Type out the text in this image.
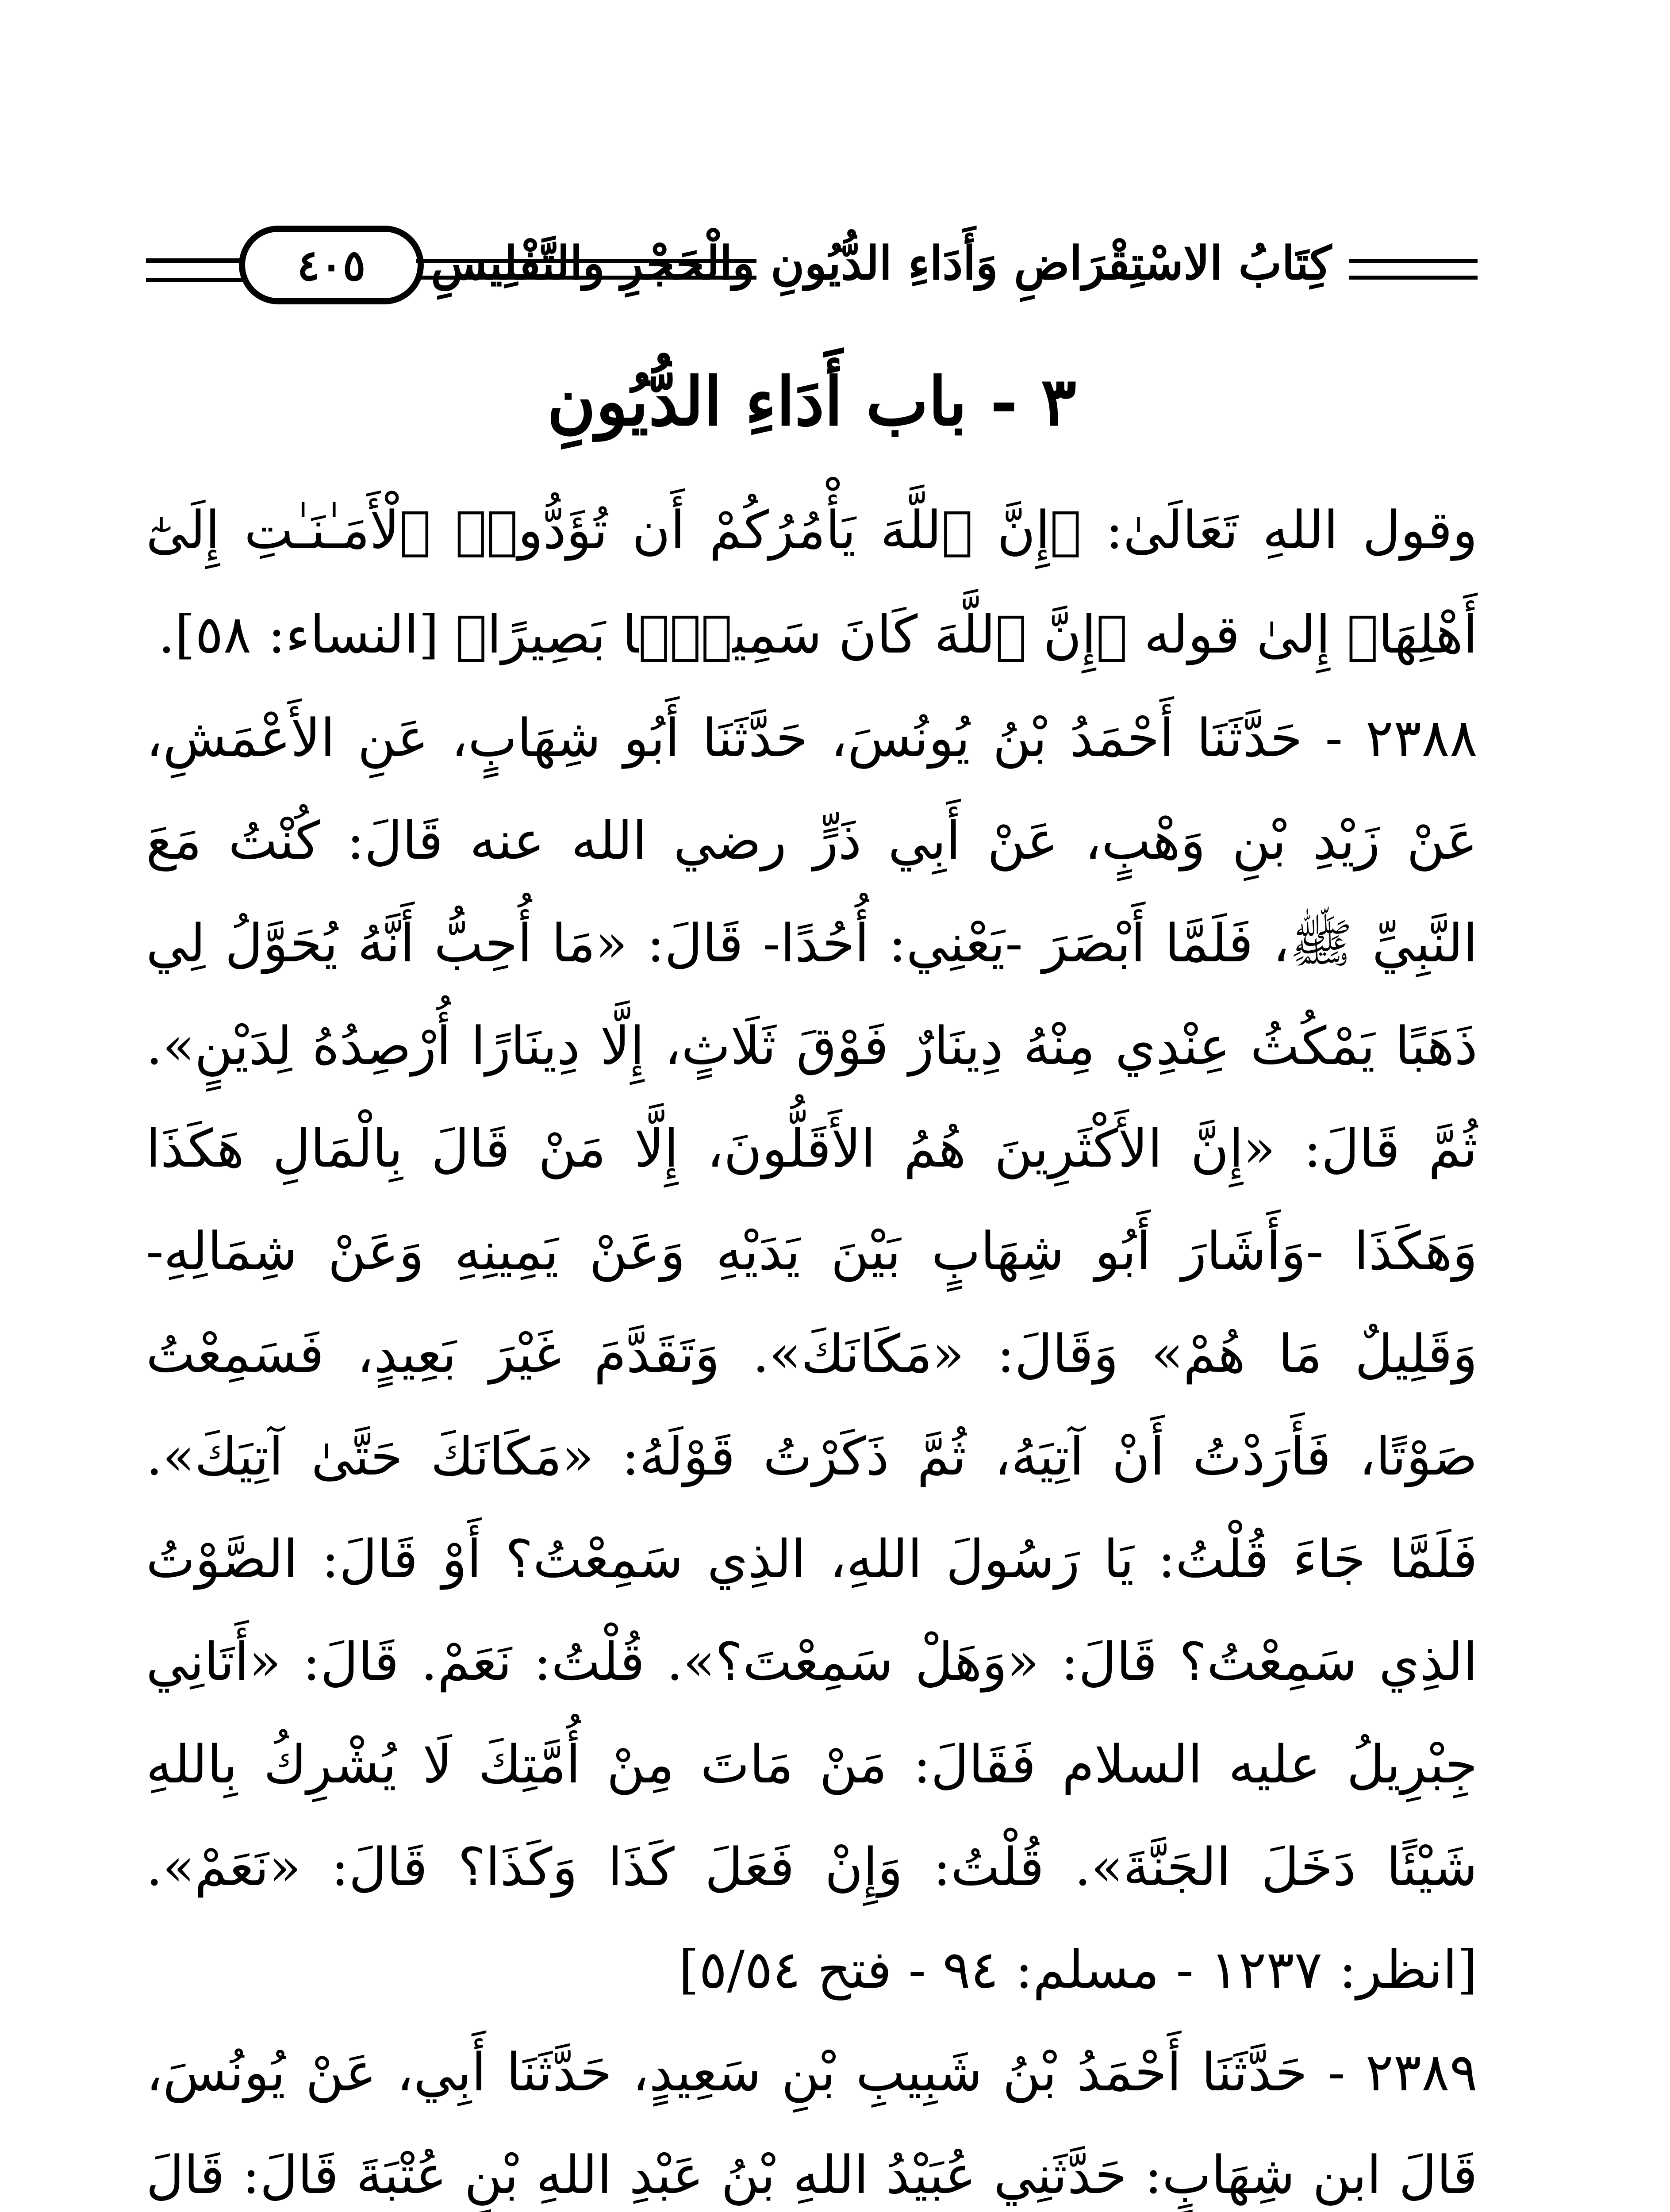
٤٠٥ كِتَابُ الاسْتِقْرَاضِ وَأَدَاءِ الدُّيُونِ والْحَجْرِ والتَّفْلِيسِ
٣ - باب أَدَاءِ الدُّيُونِ

وقول اللهِ تَعَالَىٰ: ﴿إِنَّ ٱللَّهَ يَأْمُرُكُمْ أَن تُؤَدُّوا۟ ٱلْأَمَـٰنَـٰتِ إِلَىٰٓ أَهْلِهَا﴾ إِلىٰ قوله ﴿إِنَّ ٱللَّهَ كَانَ سَمِيعًۢا بَصِيرًا﴾ [النساء: ٥٨].

٢٣٨٨ - حَدَّثَنَا أَحْمَدُ بْنُ يُونُسَ، حَدَّثَنَا أَبُو شِهَابٍ، عَنِ الأَعْمَشِ، عَنْ زَيْدِ بْنِ وَهْبٍ، عَنْ أَبِي ذَرٍّ رضي الله عنه قَالَ: كُنْتُ مَعَ النَّبِيِّ ﷺ، فَلَمَّا أَبْصَرَ -يَعْنِي: أُحُدًا- قَالَ: «مَا أُحِبُّ أَنَّهُ يُحَوَّلُ لِي ذَهَبًا يَمْكُثُ عِنْدِي مِنْهُ دِينَارٌ فَوْقَ ثَلَاثٍ، إِلَّا دِينَارًا أُرْصِدُهُ لِدَيْنٍ». ثُمَّ قَالَ: «إِنَّ الأَكْثَرِينَ هُمُ الأَقَلُّونَ، إِلَّا مَنْ قَالَ بِالْمَالِ هَكَذَا وَهَكَذَا -وَأَشَارَ أَبُو شِهَابٍ بَيْنَ يَدَيْهِ وَعَنْ يَمِينِهِ وَعَنْ شِمَالِهِ- وَقَلِيلٌ مَا هُمْ» وَقَالَ: «مَكَانَكَ». وَتَقَدَّمَ غَيْرَ بَعِيدٍ، فَسَمِعْتُ صَوْتًا، فَأَرَدْتُ أَنْ آتِيَهُ، ثُمَّ ذَكَرْتُ قَوْلَهُ: «مَكَانَكَ حَتَّىٰ آتِيَكَ». فَلَمَّا جَاءَ قُلْتُ: يَا رَسُولَ اللهِ، الذِي سَمِعْتُ؟ أَوْ قَالَ: الصَّوْتُ الذِي سَمِعْتُ؟ قَالَ: «وَهَلْ سَمِعْتَ؟». قُلْتُ: نَعَمْ. قَالَ: «أَتَانِي جِبْرِيلُ عليه السلام فَقَالَ: مَنْ مَاتَ مِنْ أُمَّتِكَ لَا يُشْرِكُ بِاللهِ شَيْئًا دَخَلَ الجَنَّةَ». قُلْتُ: وَإِنْ فَعَلَ كَذَا وَكَذَا؟ قَالَ: «نَعَمْ». [انظر: ١٢٣٧ - مسلم: ٩٤ - فتح ٥/٥٤]

٢٣٨٩ - حَدَّثَنَا أَحْمَدُ بْنُ شَبِيبِ بْنِ سَعِيدٍ، حَدَّثَنَا أَبِي، عَنْ يُونُسَ، قَالَ ابن شِهَابٍ: حَدَّثَنِي عُبَيْدُ اللهِ بْنُ عَبْدِ اللهِ بْنِ عُتْبَةَ قَالَ: قَالَ
